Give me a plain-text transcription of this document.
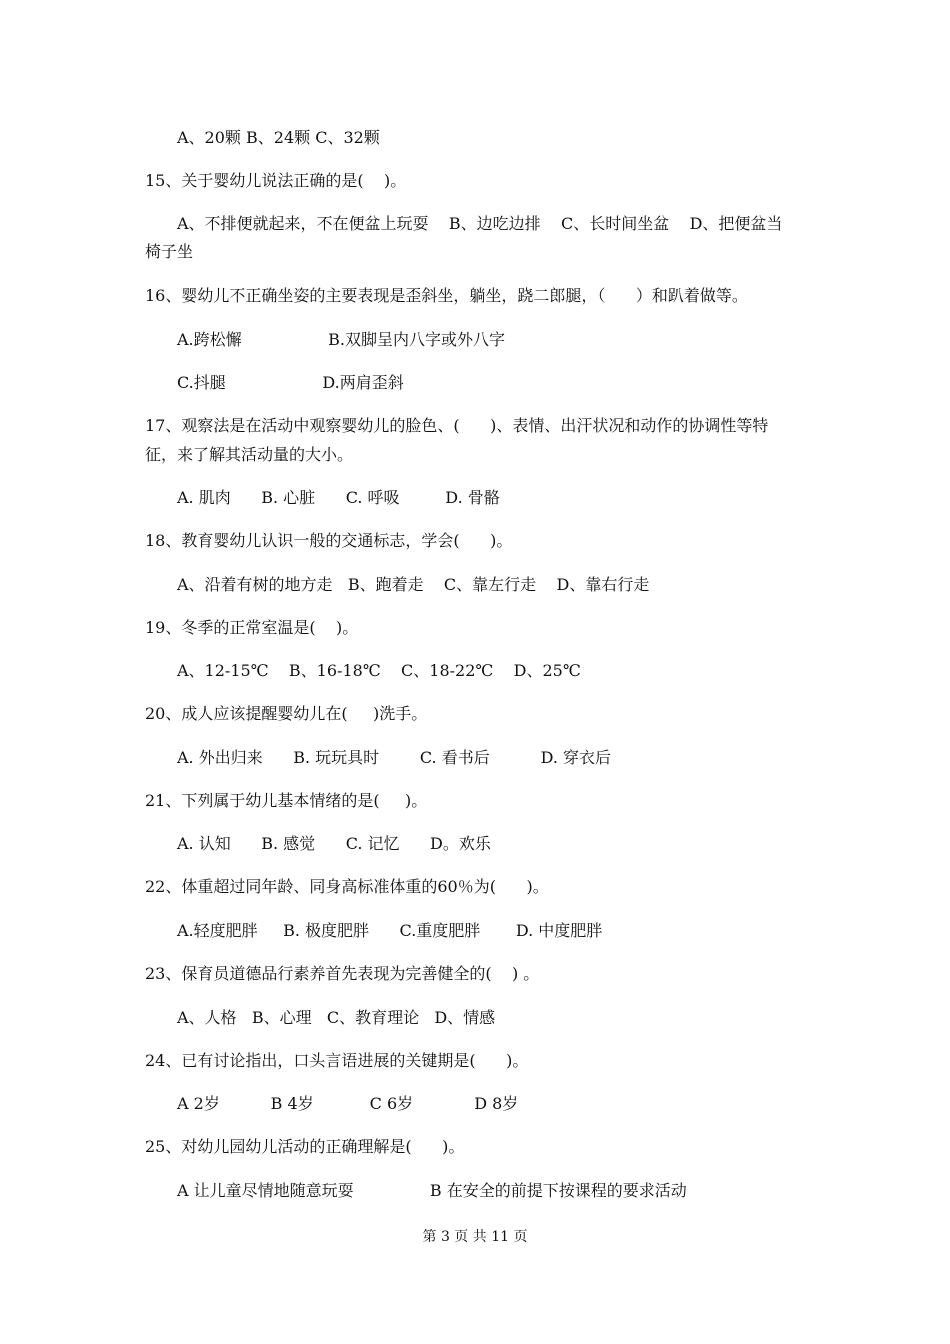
A、20颗 B、24颗 C、32颗
15、关于婴幼儿说法正确的是(    )。
A、不排便就起来，不在便盆上玩耍    B、边吃边排    C、长时间坐盆    D、把便盆当
椅子坐
16、婴幼儿不正确坐姿的主要表现是歪斜坐，躺坐，跷二郎腿，（      ）和趴着做等。
A.跨松懈                 B.双脚呈内八字或外八字
C.抖腿                   D.两肩歪斜
17、观察法是在活动中观察婴幼儿的脸色、(      )、表情、出汗状况和动作的协调性等特
征，来了解其活动量的大小。
A. 肌肉      B. 心脏      C. 呼吸         D. 骨骼
18、教育婴幼儿认识一般的交通标志，学会(      )。
A、沿着有树的地方走   B、跑着走    C、靠左行走    D、靠右行走
19、冬季的正常室温是(    )。
A、12-15℃    B、16-18℃    C、18-22℃    D、25℃
20、成人应该提醒婴幼儿在(     )洗手。
A. 外出归来      B. 玩玩具时        C. 看书后          D. 穿衣后
21、下列属于幼儿基本情绪的是(     )。
A. 认知      B. 感觉      C. 记忆      D。欢乐
22、体重超过同年龄、同身高标准体重的60％为(      )。
A.轻度肥胖     B. 极度肥胖      C.重度肥胖       D. 中度肥胖
23、保育员道德品行素养首先表现为完善健全的(    ) 。
A、人格   B、心理   C、教育理论   D、情感
24、已有讨论指出，口头言语进展的关键期是(      )。
A 2岁          B 4岁           C 6岁            D 8岁
25、对幼儿园幼儿活动的正确理解是(      )。
A 让儿童尽情地随意玩耍               B 在安全的前提下按课程的要求活动
第 3 页 共 11 页
